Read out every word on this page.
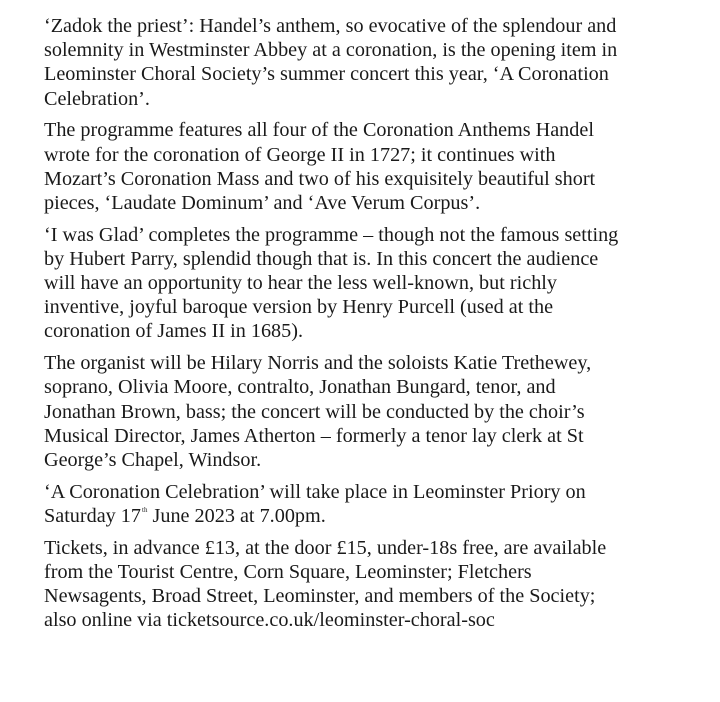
‘Zadok the priest’: Handel’s anthem, so evocative of the splendour and
solemnity in Westminster Abbey at a coronation, is the opening item in
Leominster Choral Society’s summer concert this year, ‘A Coronation
Celebration’.

The programme features all four of the Coronation Anthems Handel
wrote for the coronation of George II in 1727; it continues with
Mozart’s Coronation Mass and two of his exquisitely beautiful short
pieces, ‘Laudate Dominum’ and ‘Ave Verum Corpus’.

‘I was Glad’ completes the programme – though not the famous setting
by Hubert Parry, splendid though that is. In this concert the audience
will have an opportunity to hear the less well-known, but richly
inventive, joyful baroque version by Henry Purcell (used at the
coronation of James II in 1685).

The organist will be Hilary Norris and the soloists Katie Trethewey,
soprano, Olivia Moore, contralto, Jonathan Bungard, tenor, and
Jonathan Brown, bass; the concert will be conducted by the choir’s
Musical Director, James Atherton – formerly a tenor lay clerk at St
George’s Chapel, Windsor.

‘A Coronation Celebration’ will take place in Leominster Priory on
Saturday 17th June 2023 at 7.00pm.

Tickets, in advance £13, at the door £15, under-18s free, are available
from the Tourist Centre, Corn Square, Leominster; Fletchers
Newsagents, Broad Street, Leominster, and members of the Society;
also online via ticketsource.co.uk/leominster-choral-soc
